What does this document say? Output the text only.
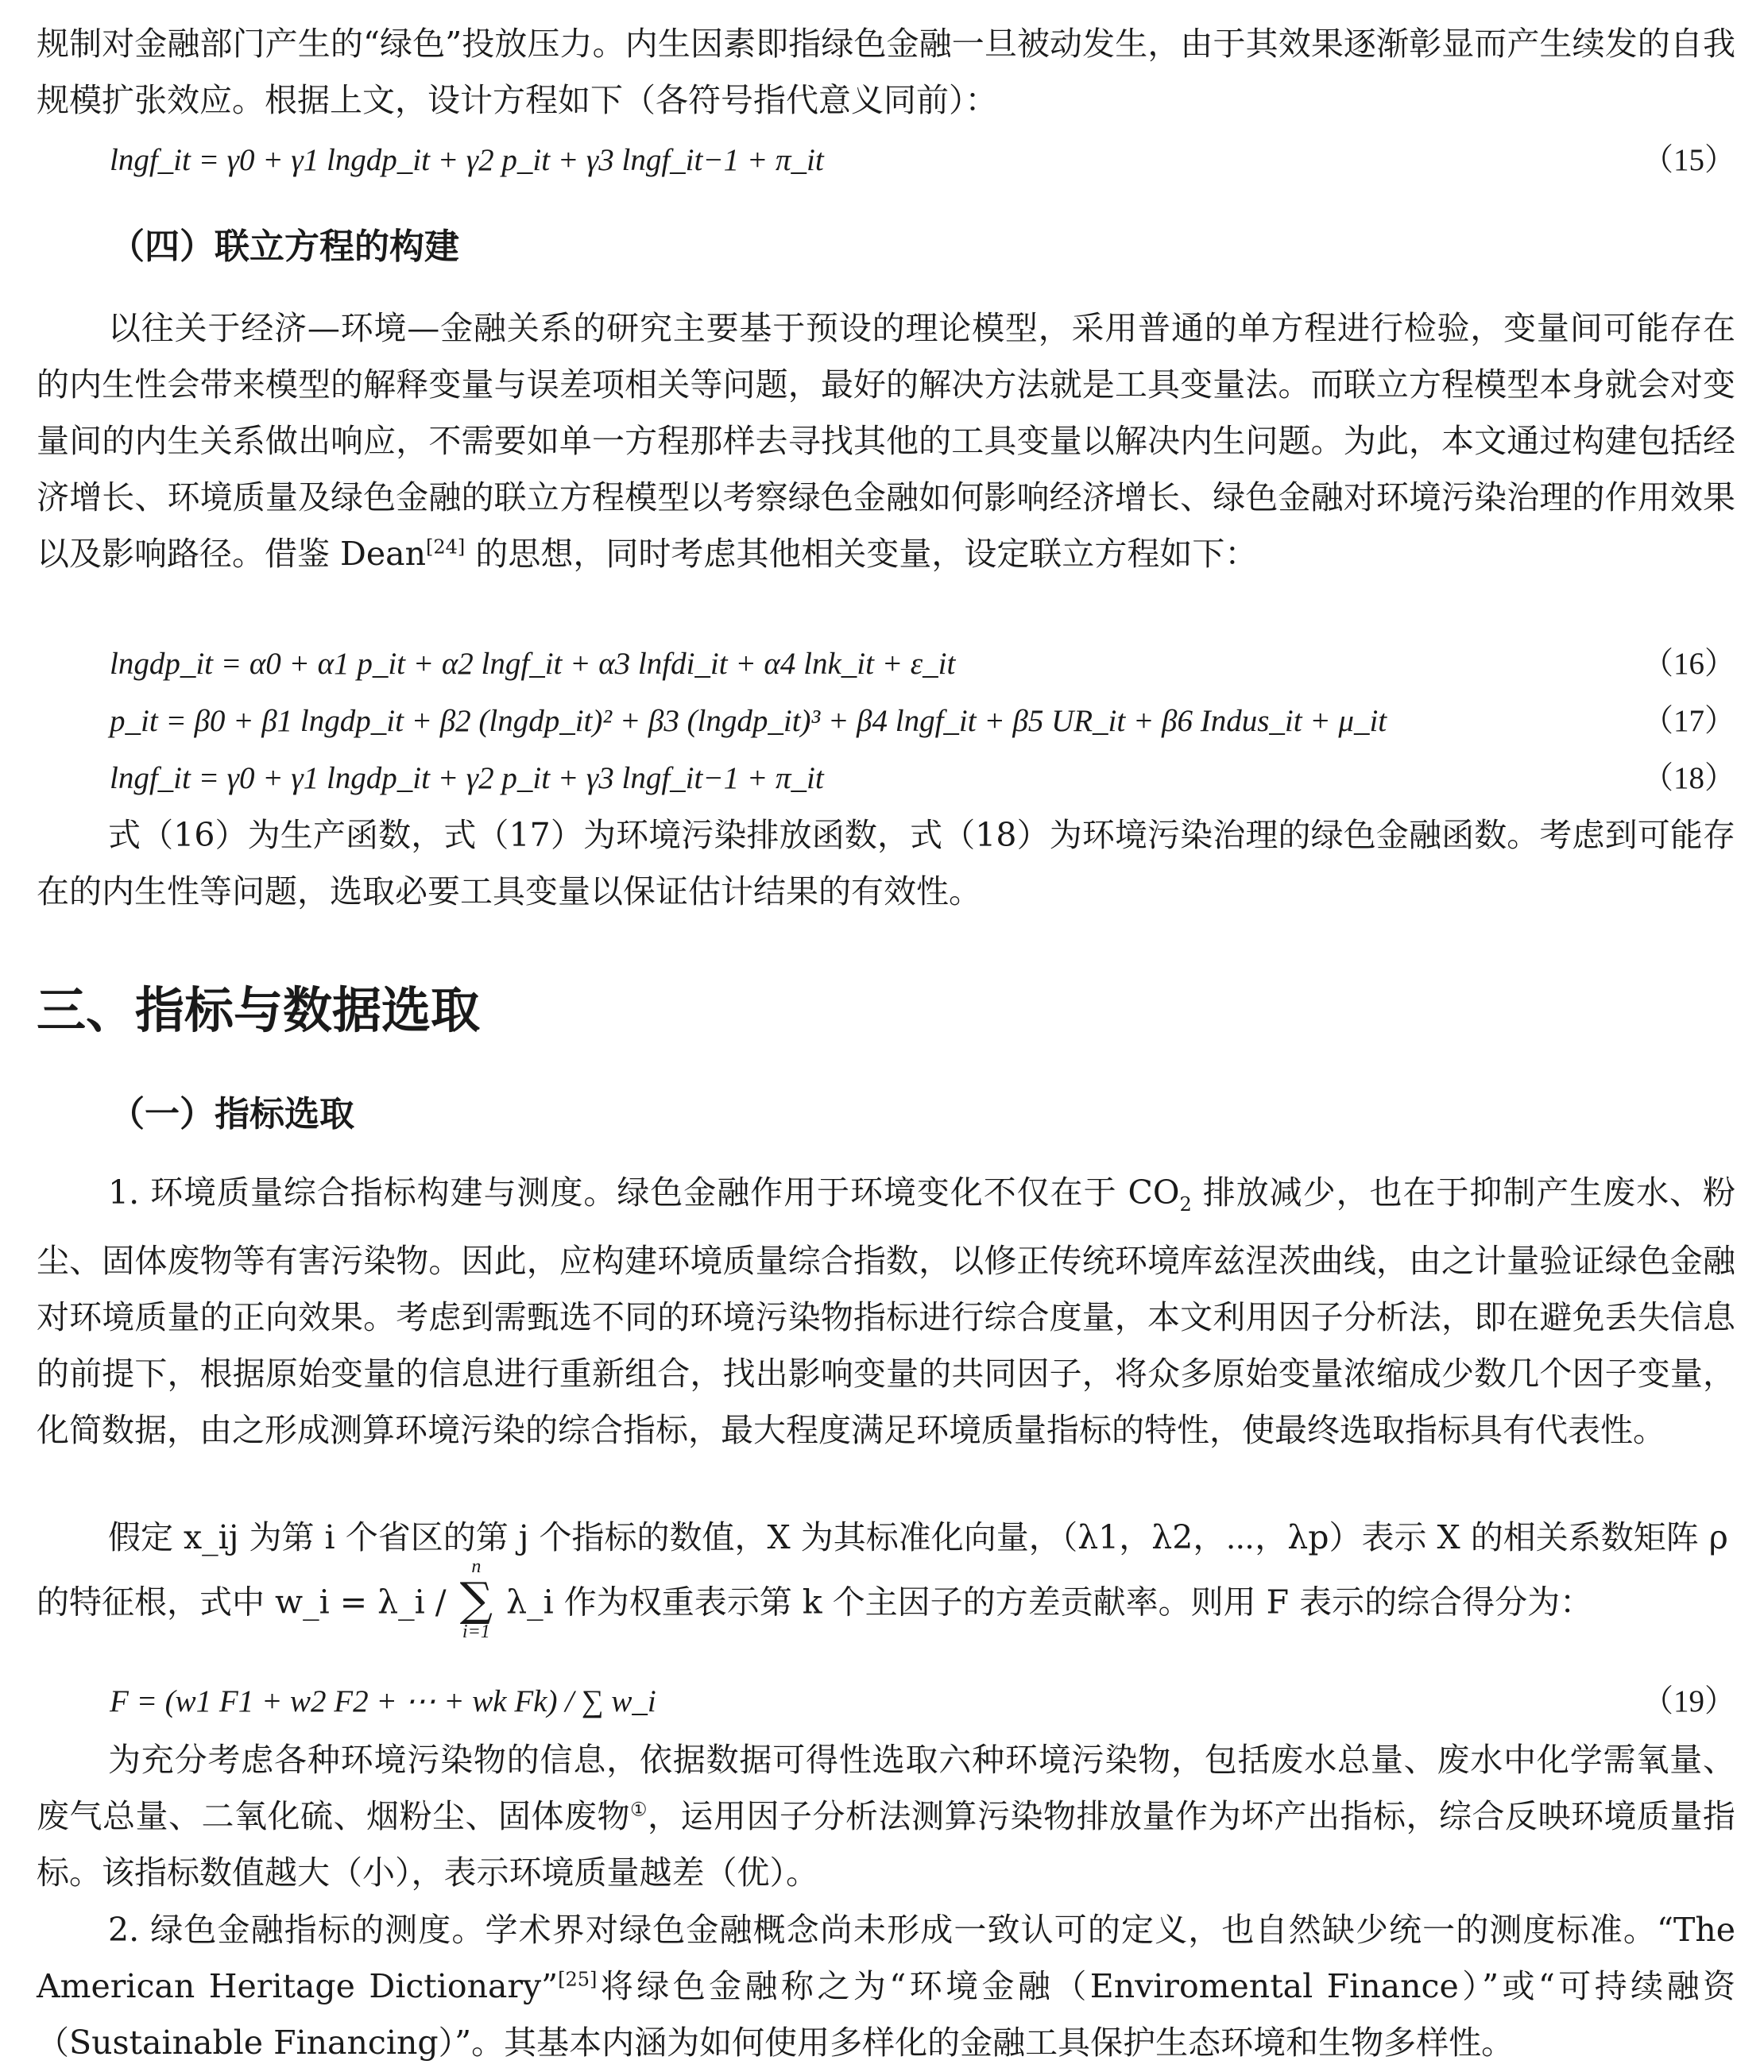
规制对金融部门产生的“绿色”投放压力。内生因素即指绿色金融一旦被动发生，由于其效果逐渐彰显而产生续发的自我规模扩张效应。根据上文，设计方程如下（各符号指代意义同前）：

lngf_it = γ0 + γ1 lngdp_it + γ2 p_it + γ3 lngf_it−1 + π_it	（15）
（四）联立方程的构建

以往关于经济—环境—金融关系的研究主要基于预设的理论模型，采用普通的单方程进行检验，变量间可能存在的内生性会带来模型的解释变量与误差项相关等问题，最好的解决方法就是工具变量法。而联立方程模型本身就会对变量间的内生关系做出响应，不需要如单一方程那样去寻找其他的工具变量以解决内生问题。为此，本文通过构建包括经济增长、环境质量及绿色金融的联立方程模型以考察绿色金融如何影响经济增长、绿色金融对环境污染治理的作用效果以及影响路径。借鉴 Dean[24] 的思想，同时考虑其他相关变量，设定联立方程如下：

lngdp_it = α0 + α1 p_it + α2 lngf_it + α3 lnfdi_it + α4 lnk_it + ε_it	（16）
p_it = β0 + β1 lngdp_it + β2 (lngdp_it)² + β3 (lngdp_it)³ + β4 lngf_it + β5 UR_it + β6 Indus_it + μ_it	（17）
lngf_it = γ0 + γ1 lngdp_it + γ2 p_it + γ3 lngf_it−1 + π_it	（18）

式（16）为生产函数，式（17）为环境污染排放函数，式（18）为环境污染治理的绿色金融函数。考虑到可能存在的内生性等问题，选取必要工具变量以保证估计结果的有效性。

三、指标与数据选取
（一）指标选取

1. 环境质量综合指标构建与测度。绿色金融作用于环境变化不仅在于 $CO_2$ 排放减少，也在于抑制产生废水、粉尘、固体废物等有害污染物。因此，应构建环境质量综合指数，以修正传统环境库兹涅茨曲线，由之计量验证绿色金融对环境质量的正向效果。考虑到需甄选不同的环境污染物指标进行综合度量，本文利用因子分析法，即在避免丢失信息的前提下，根据原始变量的信息进行重新组合，找出影响变量的共同因子，将众多原始变量浓缩成少数几个因子变量，化简数据，由之形成测算环境污染的综合指标，最大程度满足环境质量指标的特性，使最终选取指标具有代表性。

假定 x_ij 为第 i 个省区的第 j 个指标的数值，X 为其标准化向量，（λ1，λ2，⋯，λp）表示 X 的相关系数矩阵 ρ

的特征根，式中 w_i = λ_i /
n
∑
i=1
λ_i 作为权重表示第 k 个主因子的方差贡献率。则用 F 表示的综合得分为：
F = (w1 F1 + w2 F2 + ⋯ + wk Fk) / ∑ w_i	（19）

为充分考虑各种环境污染物的信息，依据数据可得性选取六种环境污染物，包括废水总量、废水中化学需氧量、废气总量、二氧化硫、烟粉尘、固体废物①，运用因子分析法测算污染物排放量作为坏产出指标，综合反映环境质量指标。该指标数值越大（小），表示环境质量越差（优）。

2. 绿色金融指标的测度。学术界对绿色金融概念尚未形成一致认可的定义，也自然缺少统一的测度标准。“The American Heritage Dictionary”[25]将绿色金融称之为“环境金融（Enviromental Finance）”或“可持续融资（Sustainable Financing）”。其基本内涵为如何使用多样化的金融工具保护生态环境和生物多样性。
